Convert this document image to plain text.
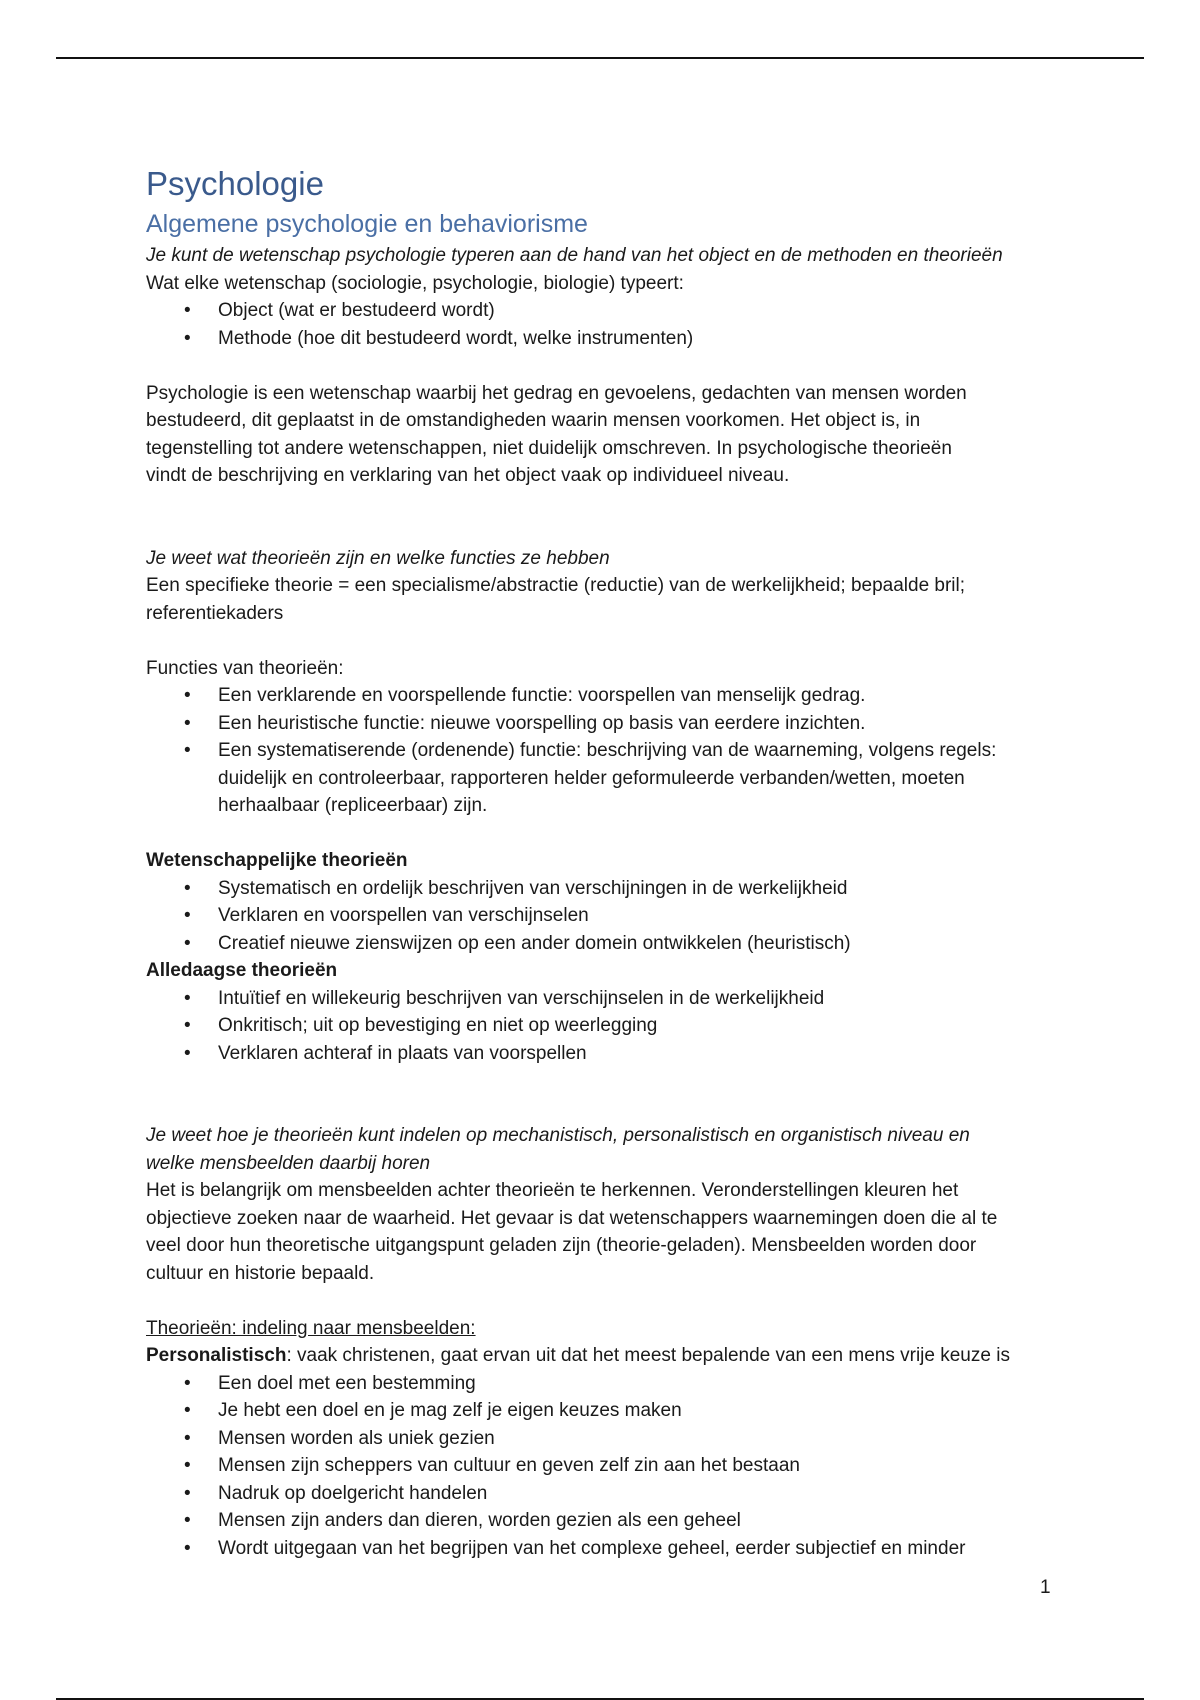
Psychologie
Algemene psychologie en behaviorisme

Je kunt de wetenschap psychologie typeren aan de hand van het object en de methoden en theorieën

Wat elke wetenschap (sociologie, psychologie, biologie) typeert:

• Object (wat er bestudeerd wordt)
• Methode (hoe dit bestudeerd wordt, welke instrumenten)

Psychologie is een wetenschap waarbij het gedrag en gevoelens, gedachten van mensen worden

bestudeerd, dit geplaatst in de omstandigheden waarin mensen voorkomen. Het object is, in

tegenstelling tot andere wetenschappen, niet duidelijk omschreven. In psychologische theorieën

vindt de beschrijving en verklaring van het object vaak op individueel niveau.

Je weet wat theorieën zijn en welke functies ze hebben

Een specifieke theorie = een specialisme/abstractie (reductie) van de werkelijkheid; bepaalde bril;

referentiekaders

Functies van theorieën:

• Een verklarende en voorspellende functie: voorspellen van menselijk gedrag.
• Een heuristische functie: nieuwe voorspelling op basis van eerdere inzichten.
• Een systematiserende (ordenende) functie: beschrijving van de waarneming, volgens regels:
duidelijk en controleerbaar, rapporteren helder geformuleerde verbanden/wetten, moeten
herhaalbaar (repliceerbaar) zijn.

Wetenschappelijke theorieën

• Systematisch en ordelijk beschrijven van verschijningen in de werkelijkheid
• Verklaren en voorspellen van verschijnselen
• Creatief nieuwe zienswijzen op een ander domein ontwikkelen (heuristisch)

Alledaagse theorieën

• Intuïtief en willekeurig beschrijven van verschijnselen in de werkelijkheid
• Onkritisch; uit op bevestiging en niet op weerlegging
• Verklaren achteraf in plaats van voorspellen

Je weet hoe je theorieën kunt indelen op mechanistisch, personalistisch en organistisch niveau en

welke mensbeelden daarbij horen

Het is belangrijk om mensbeelden achter theorieën te herkennen. Veronderstellingen kleuren het

objectieve zoeken naar de waarheid. Het gevaar is dat wetenschappers waarnemingen doen die al te

veel door hun theoretische uitgangspunt geladen zijn (theorie-geladen). Mensbeelden worden door

cultuur en historie bepaald.

Theorieën: indeling naar mensbeelden:

Personalistisch: vaak christenen, gaat ervan uit dat het meest bepalende van een mens vrije keuze is

• Een doel met een bestemming
• Je hebt een doel en je mag zelf je eigen keuzes maken
• Mensen worden als uniek gezien
• Mensen zijn scheppers van cultuur en geven zelf zin aan het bestaan
• Nadruk op doelgericht handelen
• Mensen zijn anders dan dieren, worden gezien als een geheel
• Wordt uitgegaan van het begrijpen van het complexe geheel, eerder subjectief en minder
1
